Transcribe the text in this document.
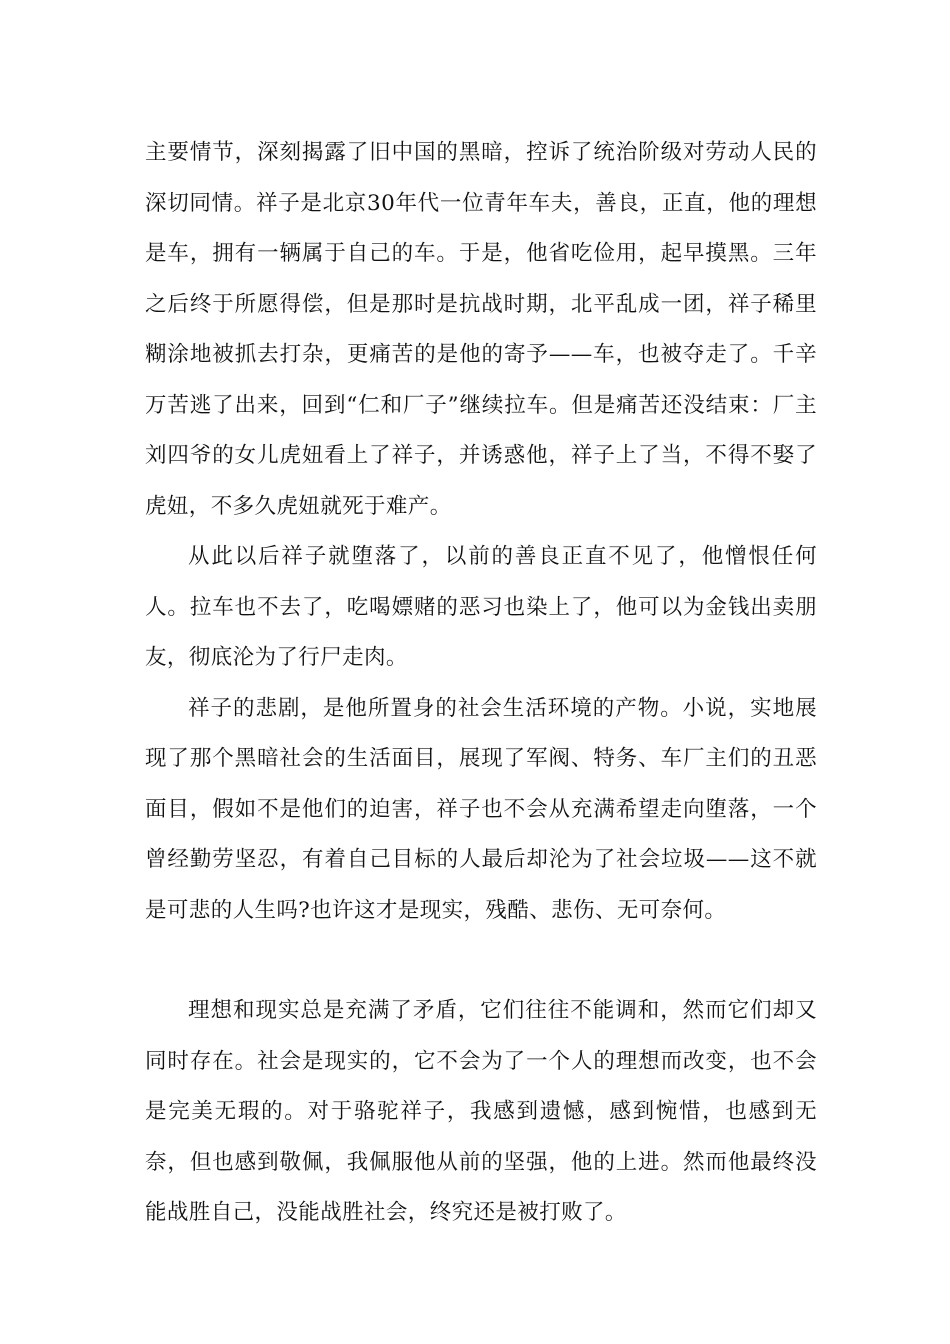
主要情节，深刻揭露了旧中国的黑暗，控诉了统治阶级对劳动人民的深切同情。祥子是北京30年代一位青年车夫，善良，正直，他的理想是车，拥有一辆属于自己的车。于是，他省吃俭用，起早摸黑。三年之后终于所愿得偿，但是那时是抗战时期，北平乱成一团，祥子稀里糊涂地被抓去打杂，更痛苦的是他的寄予——车，也被夺走了。千辛万苦逃了出来，回到“仁和厂子”继续拉车。但是痛苦还没结束：厂主刘四爷的女儿虎妞看上了祥子，并诱惑他，祥子上了当，不得不娶了虎妞，不多久虎妞就死于难产。

从此以后祥子就堕落了，以前的善良正直不见了，他憎恨任何人。拉车也不去了，吃喝嫖赌的恶习也染上了，他可以为金钱出卖朋友，彻底沦为了行尸走肉。

祥子的悲剧，是他所置身的社会生活环境的产物。小说，实地展现了那个黑暗社会的生活面目，展现了军阀、特务、车厂主们的丑恶面目，假如不是他们的迫害，祥子也不会从充满希望走向堕落，一个曾经勤劳坚忍，有着自己目标的人最后却沦为了社会垃圾——这不就是可悲的人生吗?也许这才是现实，残酷、悲伤、无可奈何。

理想和现实总是充满了矛盾，它们往往不能调和，然而它们却又同时存在。社会是现实的，它不会为了一个人的理想而改变，也不会是完美无瑕的。对于骆驼祥子，我感到遗憾，感到惋惜，也感到无奈，但也感到敬佩，我佩服他从前的坚强，他的上进。然而他最终没能战胜自己，没能战胜社会，终究还是被打败了。
